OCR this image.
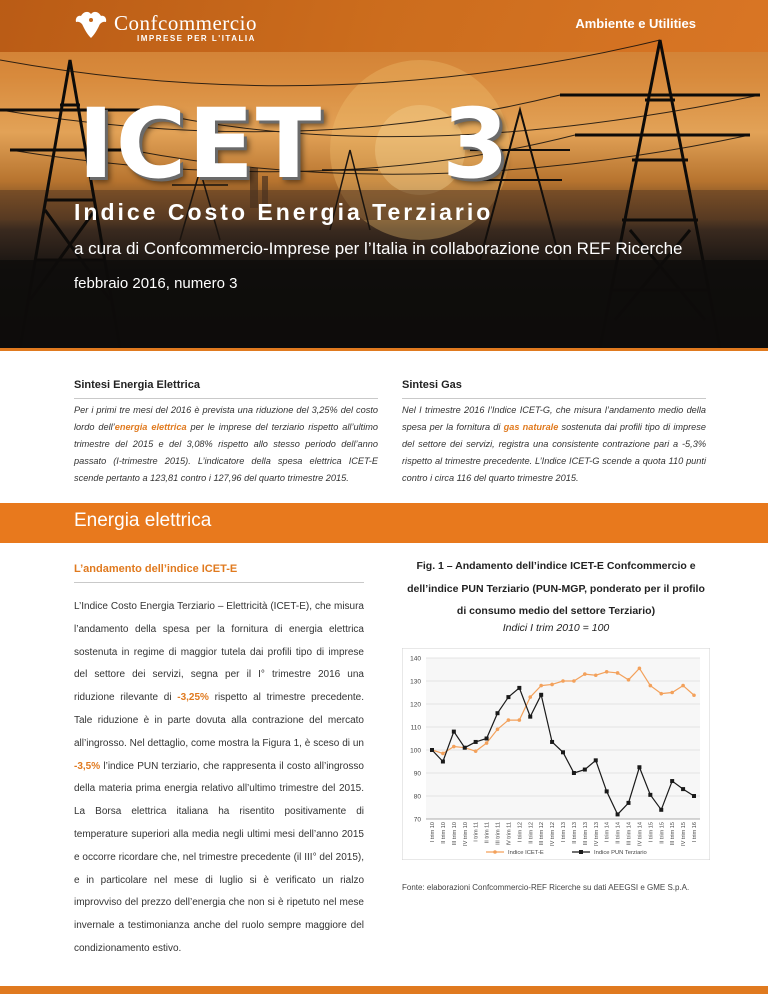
Confcommercio
IMPRESE PER L'ITALIA
Ambiente e Utilities
ICET 3
Indice Costo Energia Terziario
a cura di Confcommercio-Imprese per l’Italia in collaborazione con REF Ricerche
febbraio 2016, numero 3
Sintesi Energia Elettrica
Per i primi tre mesi del 2016 è prevista una riduzione del 3,25% del costo lordo dell’energia elettrica per le imprese del terziario rispetto all’ultimo trimestre del 2015 e del 3,08% rispetto allo stesso periodo dell’anno passato (I-trimestre 2015). L’indicatore della spesa elettrica ICET-E scende pertanto a 123,81 contro i 127,96 del quarto trimestre 2015.
Sintesi Gas
Nel I trimestre 2016 l’Indice ICET-G, che misura l’andamento medio della spesa per la fornitura di gas naturale sostenuta dai profili tipo di imprese del settore dei servizi, registra una consistente contrazione pari a -5,3% rispetto al trimestre precedente. L’Indice ICET-G scende a quota 110 punti contro i circa 116 del quarto trimestre 2015.
Energia elettrica
L’andamento dell’indice ICET-E
L’Indice Costo Energia Terziario – Elettricità (ICET-E), che misura l’andamento della spesa per la fornitura di energia elettrica sostenuta in regime di maggior tutela dai profili tipo di imprese del settore dei servizi, segna per il I° trimestre 2016 una riduzione rilevante di -3,25% rispetto al trimestre precedente. Tale riduzione è in parte dovuta alla contrazione del mercato all’ingrosso. Nel dettaglio, come mostra la Figura 1, è sceso di un -3,5% l’indice PUN terziario, che rappresenta il costo all’ingrosso della materia prima energia relativo all’ultimo trimestre del 2015. La Borsa elettrica italiana ha risentito positivamente di temperature superiori alla media negli ultimi mesi dell’anno 2015 e occorre ricordare che, nel trimestre precedente (il III° del 2015), e in particolare nel mese di luglio si è verificato un rialzo improvviso del prezzo dell’energia che non si è ripetuto nel mese invernale a testimonianza anche del ruolo sempre maggiore del condizionamento estivo.
Fig. 1 – Andamento dell’indice ICET-E Confcommercio e dell’indice PUN Terziario (PUN-MGP, ponderato per il profilo di consumo medio del settore Terziario)
Indici I trim 2010 = 100
70
80
90
100
110
120
130
140
I trim 10 II trim 10 III trim 10 IV trim 10 I trim 11 II trim 11 III trim 11 IV trim 11 I trim 12 II trim 12 III trim 12 IV trim 12 I trim 13 II trim 13 III trim 13 IV trim 13 I trim 14 II trim 14 III trim 14 IV trim 14 I trim 15 II trim 15 III trim 15 IV trim 15 I trim 16
Indice ICET-E	Indice PUN Terziario
Fonte: elaborazioni Confcommercio-REF Ricerche su dati AEEGSI e GME S.p.A.
